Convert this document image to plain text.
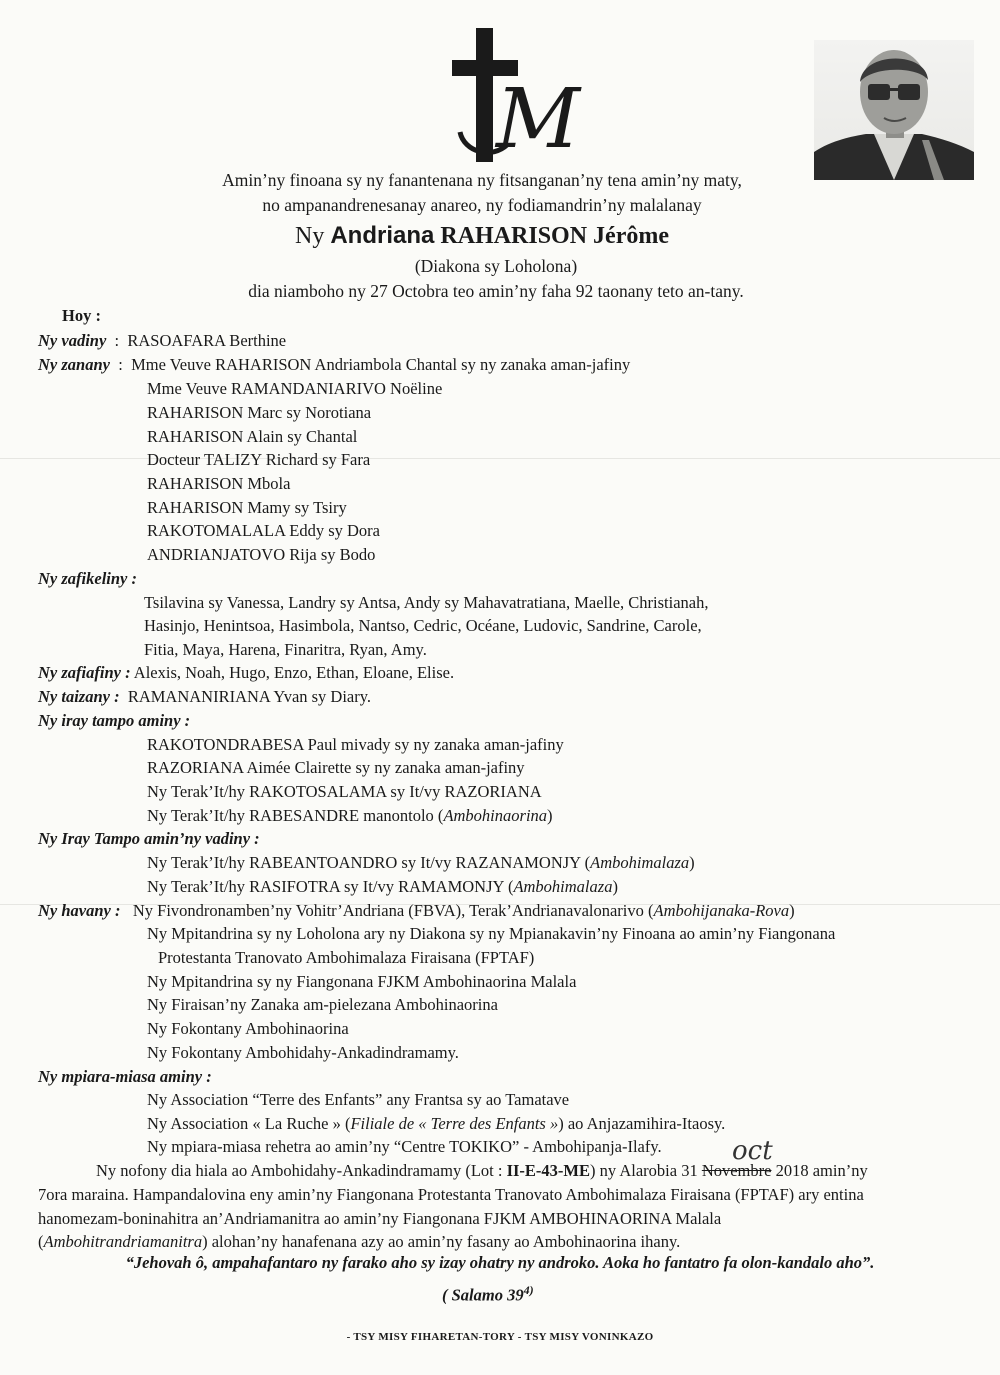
M
Amin’ny finoana sy ny fanantenana ny fitsanganan’ny tena amin’ny maty,
no ampanandrenesanay anareo, ny fodiamandrin’ny malalanay
Ny Andriana RAHARISON Jérôme
(Diakona sy Loholona)
dia niamboho ny 27 Octobra teo amin’ny faha 92 taonany teto an-tany.
Hoy :
Ny vadiny  :  RASOAFARA Berthine
Ny zanany  :  Mme Veuve RAHARISON Andriambola Chantal sy ny zanaka aman-jafiny
Mme Veuve RAMANDANIARIVO Noëline
RAHARISON Marc sy Norotiana
RAHARISON Alain sy Chantal
Docteur TALIZY Richard sy Fara
RAHARISON Mbola
RAHARISON Mamy sy Tsiry
RAKOTOMALALA Eddy sy Dora
ANDRIANJATOVO Rija sy Bodo
Ny zafikeliny :
Tsilavina sy Vanessa, Landry sy Antsa, Andy sy Mahavatratiana, Maelle, Christianah,
Hasinjo, Henintsoa, Hasimbola, Nantso, Cedric, Océane, Ludovic, Sandrine, Carole,
Fitia, Maya, Harena, Finaritra, Ryan, Amy.
Ny zafiafiny : Alexis, Noah, Hugo, Enzo, Ethan, Eloane, Elise.
Ny taizany : RAMANANIRIANA Yvan sy Diary.
Ny iray tampo aminy :
RAKOTONDRABESA Paul mivady sy ny zanaka aman-jafiny
RAZORIANA Aimée Clairette sy ny zanaka aman-jafiny
Ny Terak’It/hy RAKOTOSALAMA sy It/vy RAZORIANA
Ny Terak’It/hy RABESANDRE manontolo (Ambohinaorina)
Ny Iray Tampo amin’ny vadiny :
Ny Terak’It/hy RABEANTOANDRO sy It/vy RAZANAMONJY (Ambohimalaza)
Ny Terak’It/hy RASIFOTRA sy It/vy RAMAMONJY (Ambohimalaza)
Ny havany : Ny Fivondronamben’ny Vohitr’Andriana (FBVA), Terak’Andrianavalonarivo (Ambohijanaka-Rova)
Ny Mpitandrina sy ny Loholona ary ny Diakona sy ny Mpianakavin’ny Finoana ao amin’ny Fiangonana
Protestanta Tranovato Ambohimalaza Firaisana (FPTAF)
Ny Mpitandrina sy ny Fiangonana FJKM Ambohinaorina Malala
Ny Firaisan’ny Zanaka am-pielezana Ambohinaorina
Ny Fokontany Ambohinaorina
Ny Fokontany Ambohidahy-Ankadindramamy.
Ny mpiara-miasa aminy :
Ny Association “Terre des Enfants” any Frantsa sy ao Tamatave
Ny Association « La Ruche » (Filiale de « Terre des Enfants ») ao Anjazamihira-Itaosy.
Ny mpiara-miasa rehetra ao amin’ny “Centre TOKIKO” - Ambohipanja-Ilafy.	oct
Ny nofony dia hiala ao Ambohidahy-Ankadindramamy (Lot : II-E-43-ME) ny Alarobia 31 Novembre 2018 amin’ny
7ora maraina. Hampandalovina eny amin’ny Fiangonana Protestanta Tranovato Ambohimalaza Firaisana (FPTAF) ary entina
hanomezam-boninahitra an’Andriamanitra ao amin’ny Fiangonana FJKM AMBOHINAORINA Malala
(Ambohitrandriamanitra) alohan’ny hanafenana azy ao amin’ny fasany ao Ambohinaorina ihany.
“Jehovah ô, ampahafantaro ny farako aho sy izay ohatry ny androko. Aoka ho fantatro fa olon-kandalo aho”.
( Salamo 39$^{4)}$
- TSY MISY FIHARETAN-TORY - TSY MISY VONINKAZO
